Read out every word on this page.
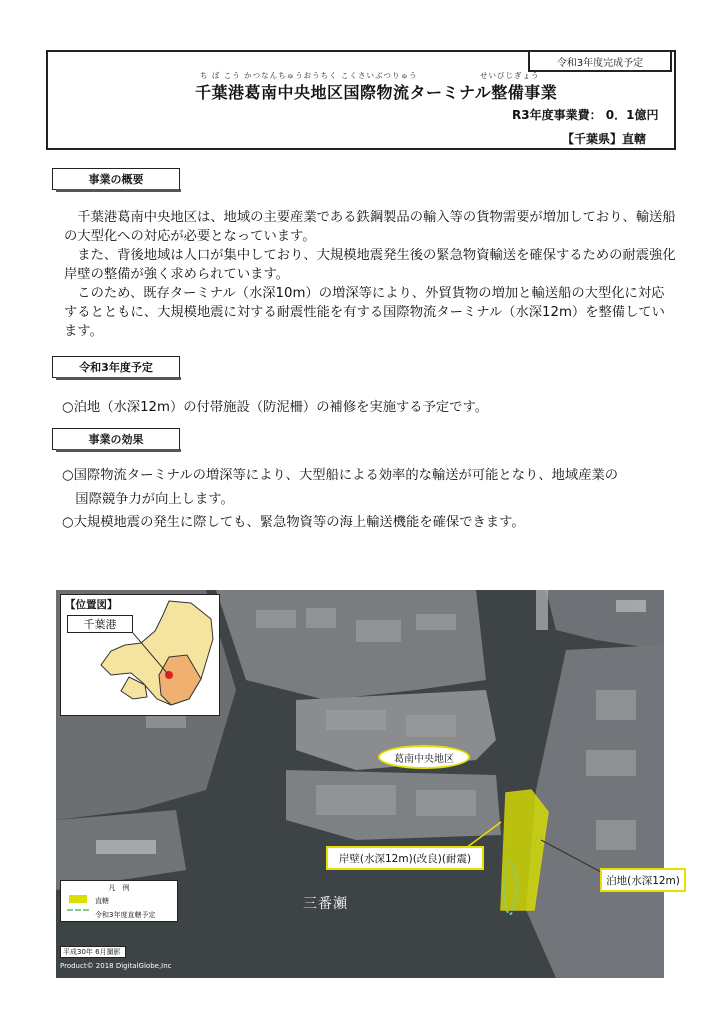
令和3年度完成予定
ち ば こう かつなんちゅうおうちく こくさいぶつりゅう	せいびじぎょう
千葉港葛南中央地区国際物流ターミナル整備事業
R3年度事業費： 0．1億円
【千葉県】直轄
事業の概要
　千葉港葛南中央地区は、地域の主要産業である鉄鋼製品の輸入等の貨物需要が増加しており、輸送船の大型化への対応が必要となっています。
　また、背後地域は人口が集中しており、大規模地震発生後の緊急物資輸送を確保するための耐震強化岸壁の整備が強く求められています。
　このため、既存ターミナル（水深10m）の増深等により、外貿貨物の増加と輸送船の大型化に対応するとともに、大規模地震に対する耐震性能を有する国際物流ターミナル（水深12m）を整備しています。
令和3年度予定
○泊地（水深12m）の付帯施設（防泥柵）の補修を実施する予定です。
事業の効果
○国際物流ターミナルの増深等により、大型船による効率的な輸送が可能となり、地域産業の
　国際競争力が向上します。
○大規模地震の発生に際しても、緊急物資等の海上輸送機能を確保できます。
【位置図】
千葉港
葛南中央地区
岸壁(水深12m)(改良)(耐震)
泊地(水深12m)
三番瀬
凡　例
直轄
令和3年度直轄予定
平成30年 6月撮影
Product© 2018 DigitalGlobe,Inc
